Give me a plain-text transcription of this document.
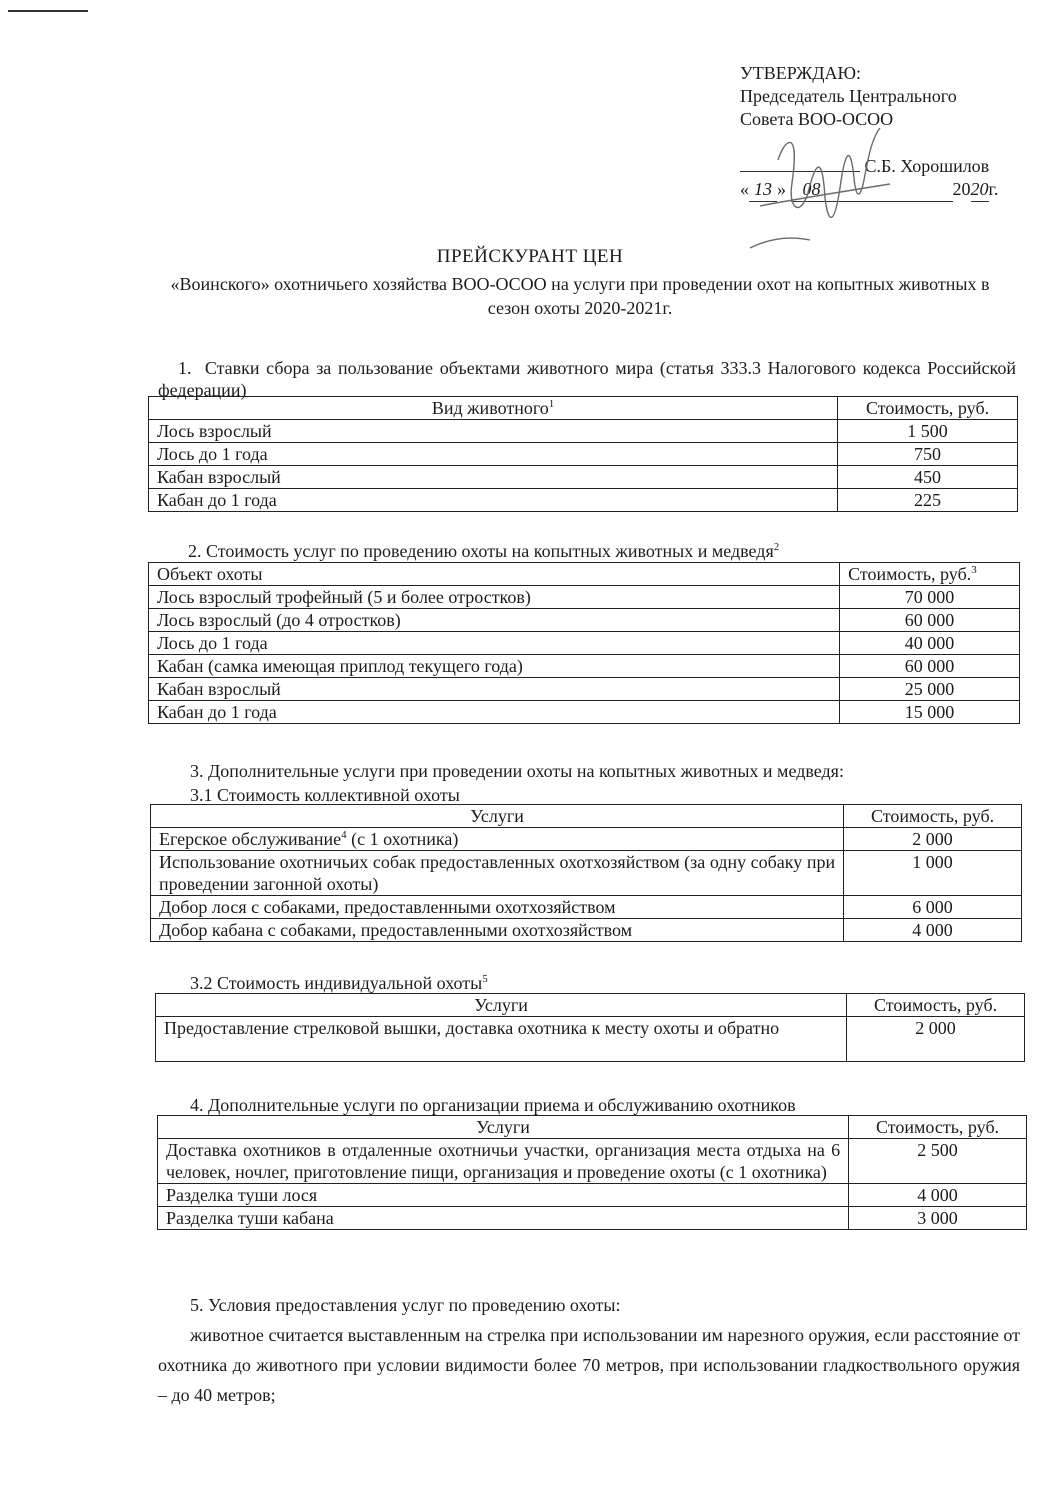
УТВЕРЖДАЮ:
Председатель Центрального
Совета ВОО-ОСОО
С.Б. Хорошилов
« 13 » 08	2020г.
ПРЕЙСКУРАНТ ЦЕН
«Воинского» охотничьего хозяйства ВОО-ОСОО на услуги при проведении охот на копытных животных в сезон охоты 2020-2021г.
1. Ставки сбора за пользование объектами животного мира (статья 333.3 Налогового кодекса Российской федерации)
Вид животного$^1$	Стоимость, руб.
Лось взрослый	1 500
Лось до 1 года	750
Кабан взрослый	450
Кабан до 1 года	225
2. Стоимость услуг по проведению охоты на копытных животных и медведя$^2$
Объект охоты	Стоимость, руб.$^3$
Лось взрослый трофейный (5 и более отростков)	70 000
Лось взрослый (до 4 отростков)	60 000
Лось до 1 года	40 000
Кабан (самка имеющая приплод текущего года)	60 000
Кабан взрослый	25 000
Кабан до 1 года	15 000
3. Дополнительные услуги при проведении охоты на копытных животных и медведя:
3.1 Стоимость коллективной охоты
Услуги	Стоимость, руб.
Егерское обслуживание$^4$ (с 1 охотника)	2 000
Использование охотничьих собак предоставленных охотхозяйством (за одну собаку при проведении загонной охоты)	1 000
Добор лося с собаками, предоставленными охотхозяйством	6 000
Добор кабана с собаками, предоставленными охотхозяйством	4 000
3.2 Стоимость индивидуальной охоты$^5$
Услуги	Стоимость, руб.
Предоставление стрелковой вышки, доставка охотника к месту охоты и обратно	2 000
4. Дополнительные услуги по организации приема и обслуживанию охотников
Услуги	Стоимость, руб.
Доставка охотников в отдаленные охотничьи участки, организация места отдыха на 6 человек, ночлег, приготовление пищи, организация и проведение охоты (с 1 охотника)	2 500
Разделка туши лося	4 000
Разделка туши кабана	3 000
5. Условия предоставления услуг по проведению охоты:
животное считается выставленным на стрелка при использовании им нарезного оружия, если расстояние от охотника до животного при условии видимости более 70 метров, при использовании гладкоствольного оружия – до 40 метров;
